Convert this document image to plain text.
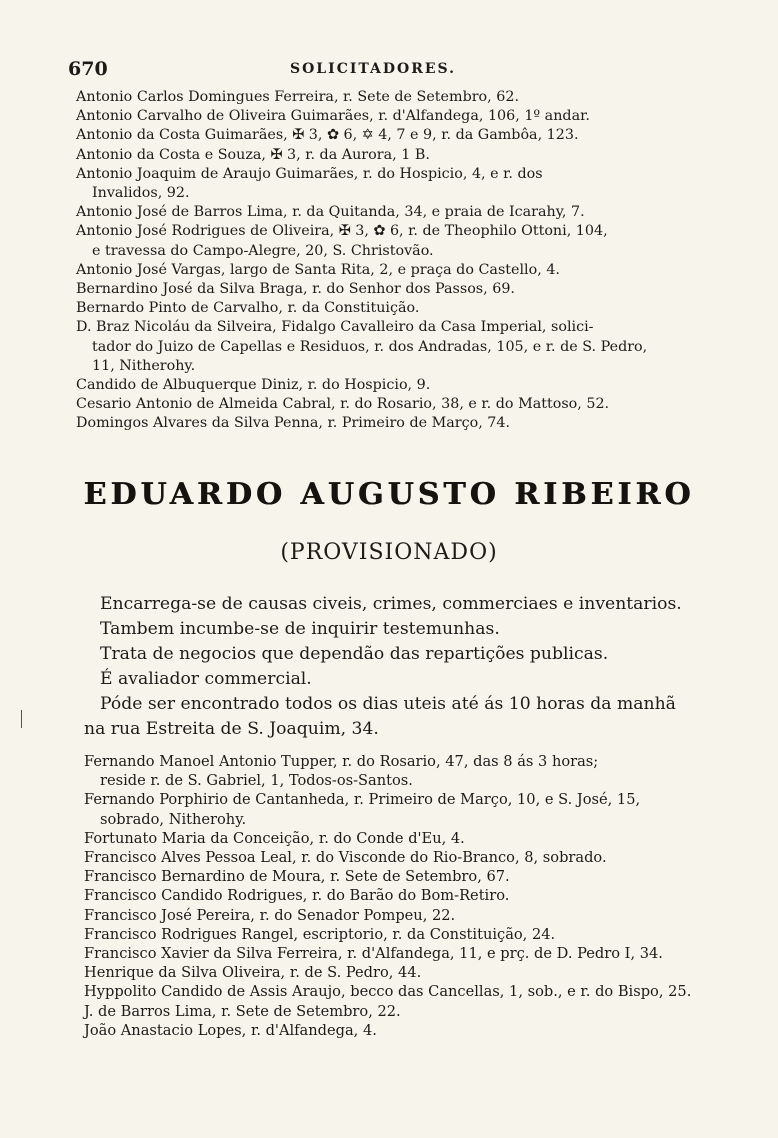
670	SOLICITADORES.

Antonio Carlos Domingues Ferreira, r. Sete de Setembro, 62.

Antonio Carvalho de Oliveira Guimarães, r. d'Alfandega, 106, 1º andar.

Antonio da Costa Guimarães, ✠ 3, ✿ 6, ✡ 4, 7 e 9, r. da Gambôa, 123.

Antonio da Costa e Souza, ✠ 3, r. da Aurora, 1 B.

Antonio Joaquim de Araujo Guimarães, r. do Hospicio, 4, e r. dos

Invalidos, 92.

Antonio José de Barros Lima, r. da Quitanda, 34, e praia de Icarahy, 7.

Antonio José Rodrigues de Oliveira, ✠ 3, ✿ 6, r. de Theophilo Ottoni, 104,

e travessa do Campo-Alegre, 20, S. Christovão.

Antonio José Vargas, largo de Santa Rita, 2, e praça do Castello, 4.

Bernardino José da Silva Braga, r. do Senhor dos Passos, 69.

Bernardo Pinto de Carvalho, r. da Constituição.

D. Braz Nicoláu da Silveira, Fidalgo Cavalleiro da Casa Imperial, solici-

tador do Juizo de Capellas e Residuos, r. dos Andradas, 105, e r. de S. Pedro,

11, Nitherohy.

Candido de Albuquerque Diniz, r. do Hospicio, 9.

Cesario Antonio de Almeida Cabral, r. do Rosario, 38, e r. do Mattoso, 52.

Domingos Alvares da Silva Penna, r. Primeiro de Março, 74.

EDUARDO AUGUSTO RIBEIRO
(PROVISIONADO)
Encarrega-se de causas civeis, crimes, commerciaes e inventarios.
Tambem incumbe-se de inquirir testemunhas.
Trata de negocios que dependão das repartições publicas.
É avaliador commercial.
Póde ser encontrado todos os dias uteis até ás 10 horas da manhã
na rua Estreita de S. Joaquim, 34.

Fernando Manoel Antonio Tupper, r. do Rosario, 47, das 8 ás 3 horas;

reside r. de S. Gabriel, 1, Todos-os-Santos.

Fernando Porphirio de Cantanheda, r. Primeiro de Março, 10, e S. José, 15,

sobrado, Nitherohy.

Fortunato Maria da Conceição, r. do Conde d'Eu, 4.

Francisco Alves Pessoa Leal, r. do Visconde do Rio-Branco, 8, sobrado.

Francisco Bernardino de Moura, r. Sete de Setembro, 67.

Francisco Candido Rodrigues, r. do Barão do Bom-Retiro.

Francisco José Pereira, r. do Senador Pompeu, 22.

Francisco Rodrigues Rangel, escriptorio, r. da Constituição, 24.

Francisco Xavier da Silva Ferreira, r. d'Alfandega, 11, e prç. de D. Pedro I, 34.

Henrique da Silva Oliveira, r. de S. Pedro, 44.

Hyppolito Candido de Assis Araujo, becco das Cancellas, 1, sob., e r. do Bispo, 25.

J. de Barros Lima, r. Sete de Setembro, 22.

João Anastacio Lopes, r. d'Alfandega, 4.
